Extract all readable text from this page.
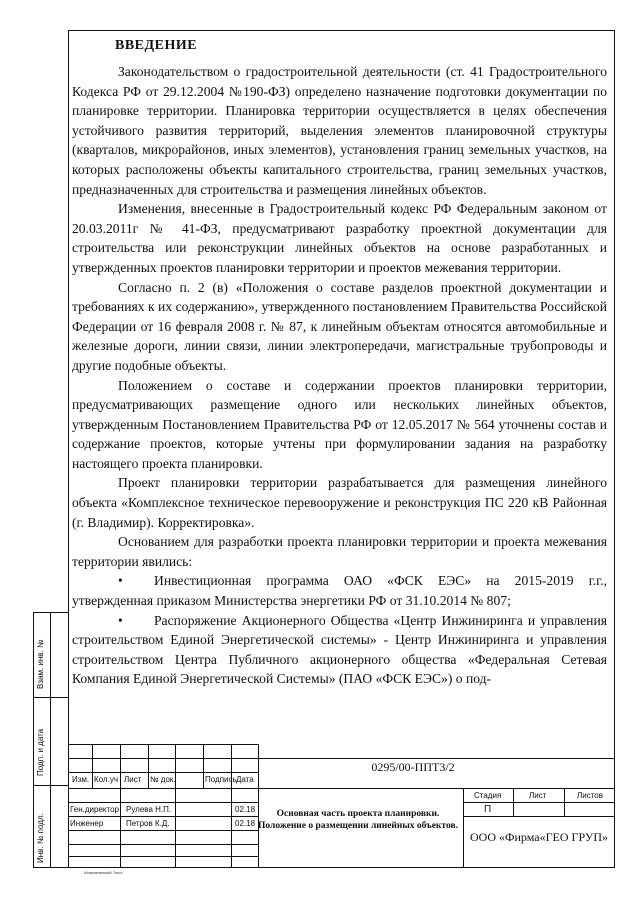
ВВЕДЕНИЕ

Законодательством о градостроительной деятельности (ст. 41 Градостроительного Кодекса РФ от 29.12.2004 №190-ФЗ) определено назначение подготовки документации по планировке территории. Планировка территории осуществляется в целях обеспечения устойчивого развития территорий, выделения элементов планировочной структуры (кварталов, микрорайонов, иных элементов), установления границ земельных участков, на которых расположены объекты капитального строительства, границ земельных участков, предназначенных для строительства и размещения линейных объектов.

Изменения, внесенные в Градостроительный кодекс РФ Федеральным законом от 20.03.2011г № 41-ФЗ, предусматривают разработку проектной документации для строительства или реконструкции линейных объектов на основе разработанных и утвержденных проектов планировки территории и проектов межевания территории.

Согласно п. 2 (в) «Положения о составе разделов проектной документации и требованиях к их содержанию», утвержденного постановлением Правительства Российской Федерации от 16 февраля 2008 г. № 87, к линейным объектам относятся автомобильные и железные дороги, линии связи, линии электропередачи, магистральные трубопроводы и другие подобные объекты.

Положением о составе и содержании проектов планировки территории, предусматривающих размещение одного или нескольких линейных объектов, утвержденным Постановлением Правительства РФ от 12.05.2017 № 564 уточнены состав и содержание проектов, которые учтены при формулировании задания на разработку настоящего проекта планировки.

Проект планировки территории разрабатывается для размещения линейного объекта «Комплексное техническое перевооружение и реконструкция ПС 220 кВ Районная (г. Владимир). Корректировка».

Основанием для разработки проекта планировки территории и проекта межевания территории явились:

• Инвестиционная программа ОАО «ФСК ЕЭС» на 2015-2019 г.г., утвержденная приказом Министерства энергетики РФ от 31.10.2014 № 807;

• Распоряжение Акционерного Общества «Центр Инжиниринга и управления строительством Единой Энергетической системы» - Центр Инжиниринга и управления строительством Центра Публичного акционерного общества «Федеральная Сетевая Компания Единой Энергетической Системы» (ПАО «ФСК ЕЭС») о под-

Взам. инв. №
Подп. и дата
Инв. № подл.
Изм. Кол.уч Лист № док.	Подпись Дата
Ген.директор Рулева Н.П.	02.18
Инженер	Петров К.Д.	02.18
0295/00-ППТ3/2
Основная часть проекта планировки. Положение о размещении линейных объектов.
Стадия	Лист	Листов
П
ООО «Фирма«ГЕО ГРУП»
Исправленный Текст
